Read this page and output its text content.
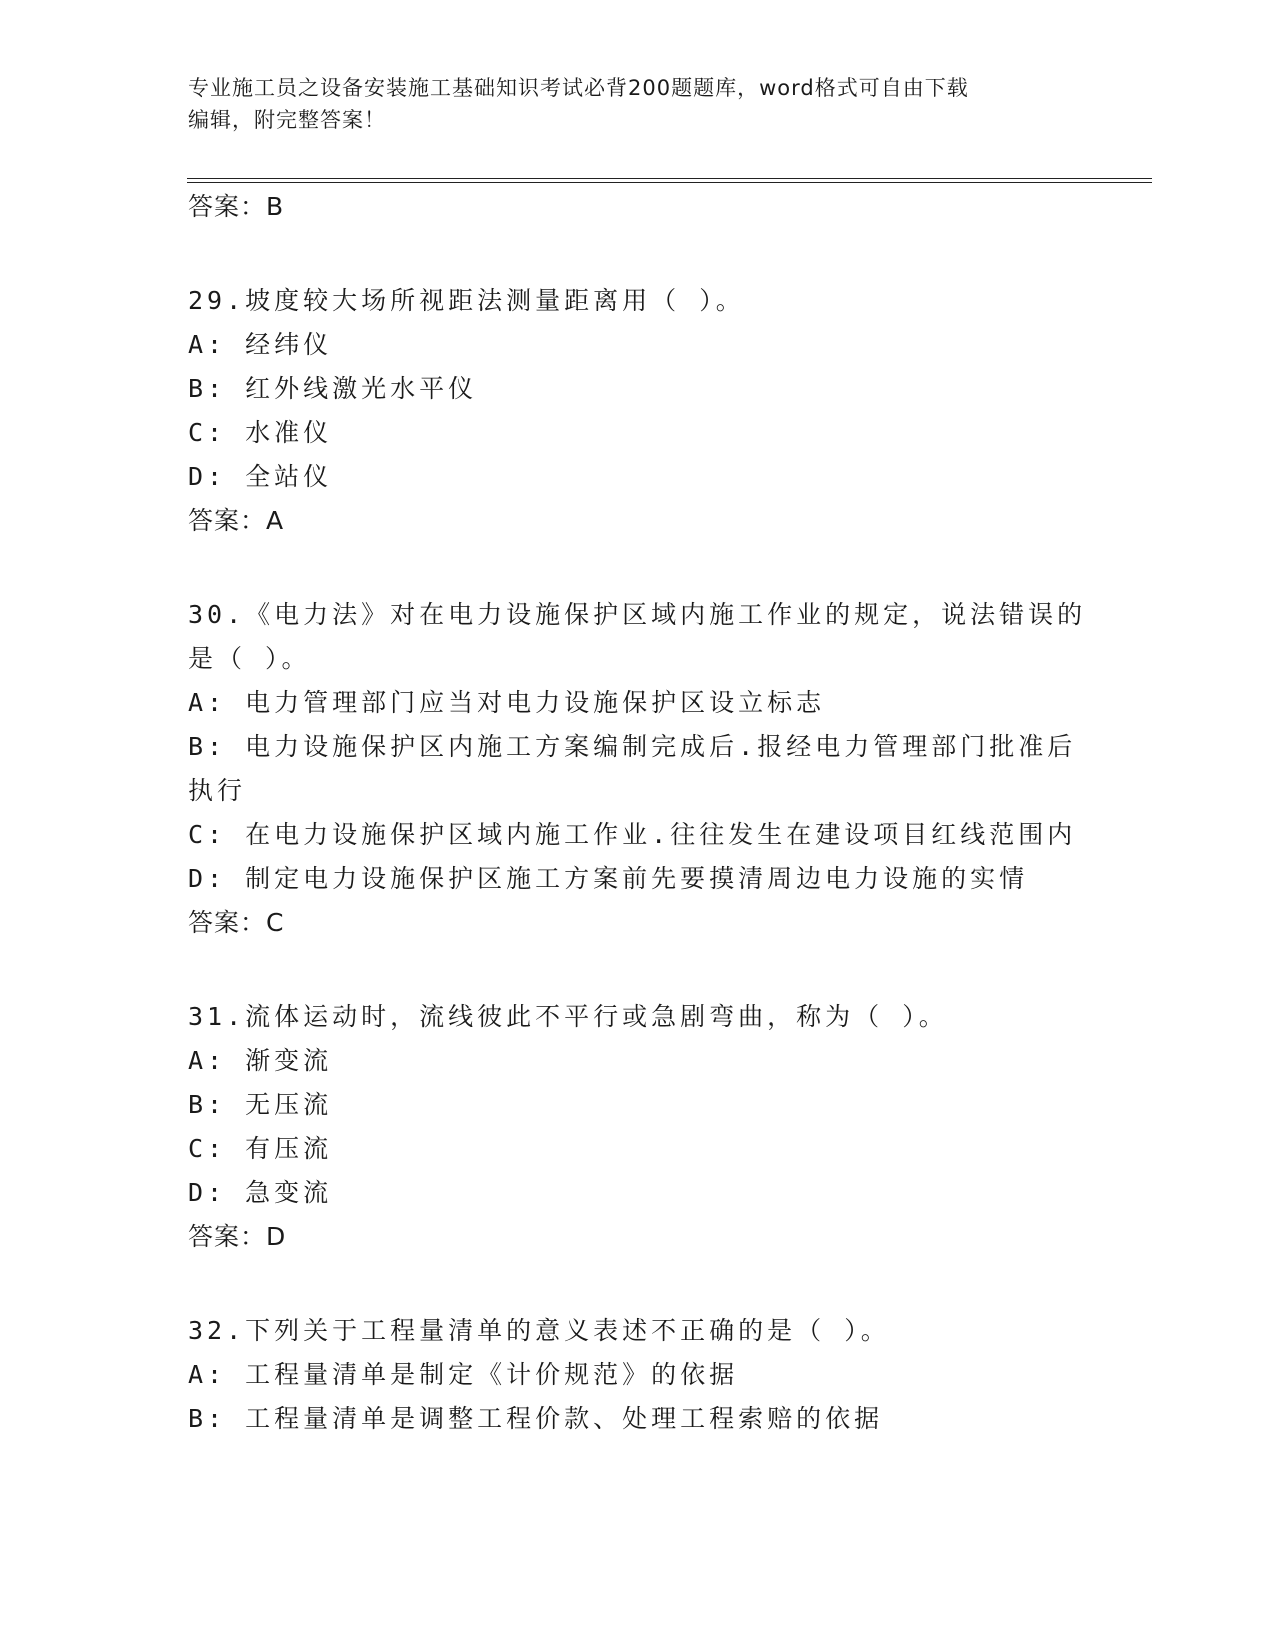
专业施工员之设备安装施工基础知识考试必背200题题库，word格式可自由下载
编辑，附完整答案！
答案：B
29.坡度较大场所视距法测量距离用（ ）。
A: 经纬仪
B: 红外线激光水平仪
C: 水准仪
D: 全站仪
答案：A
30.《电力法》对在电力设施保护区域内施工作业的规定，说法错误的
是（ ）。
A: 电力管理部门应当对电力设施保护区设立标志
B: 电力设施保护区内施工方案编制完成后.报经电力管理部门批准后
执行
C: 在电力设施保护区域内施工作业.往往发生在建设项目红线范围内
D: 制定电力设施保护区施工方案前先要摸清周边电力设施的实情
答案：C
31.流体运动时，流线彼此不平行或急剧弯曲，称为（ ）。
A: 渐变流
B: 无压流
C: 有压流
D: 急变流
答案：D
32.下列关于工程量清单的意义表述不正确的是（ ）。
A: 工程量清单是制定《计价规范》的依据
B: 工程量清单是调整工程价款、处理工程索赔的依据
